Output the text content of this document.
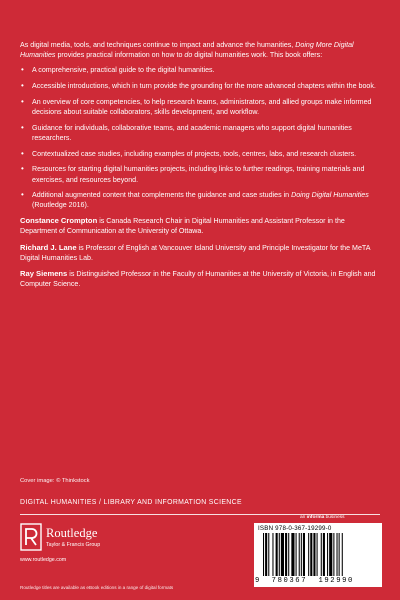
As digital media, tools, and techniques continue to impact and advance the humanities, Doing More Digital Humanities provides practical information on how to do digital humanities work. This book offers:

• A comprehensive, practical guide to the digital humanities.
• Accessible introductions, which in turn provide the grounding for the more advanced chapters within the book.
• An overview of core competencies, to help research teams, administrators, and allied groups make informed decisions about suitable collaborators, skills development, and workflow.
• Guidance for individuals, collaborative teams, and academic managers who support digital humanities researchers.
• Contextualized case studies, including examples of projects, tools, centres, labs, and research clusters.
• Resources for starting digital humanities projects, including links to further readings, training materials and exercises, and resources beyond.
• Additional augmented content that complements the guidance and case studies in Doing Digital Humanities (Routledge 2016).

Constance Crompton is Canada Research Chair in Digital Humanities and Assistant Professor in the Department of Communication at the University of Ottawa.

Richard J. Lane is Professor of English at Vancouver Island University and Principle Investigator for the MeTA Digital Humanities Lab.

Ray Siemens is Distinguished Professor in the Faculty of Humanities at the University of Victoria, in English and Computer Science.

Cover image: © Thinkstock
DIGITAL HUMANITIES / LIBRARY AND INFORMATION SCIENCE
an informa business
Routledge
Taylor & Francis Group
www.routledge.com
Routledge titles are available as eBook editions in a range of digital formats
ISBN 978-0-367-19299-0
9 780367 192990
